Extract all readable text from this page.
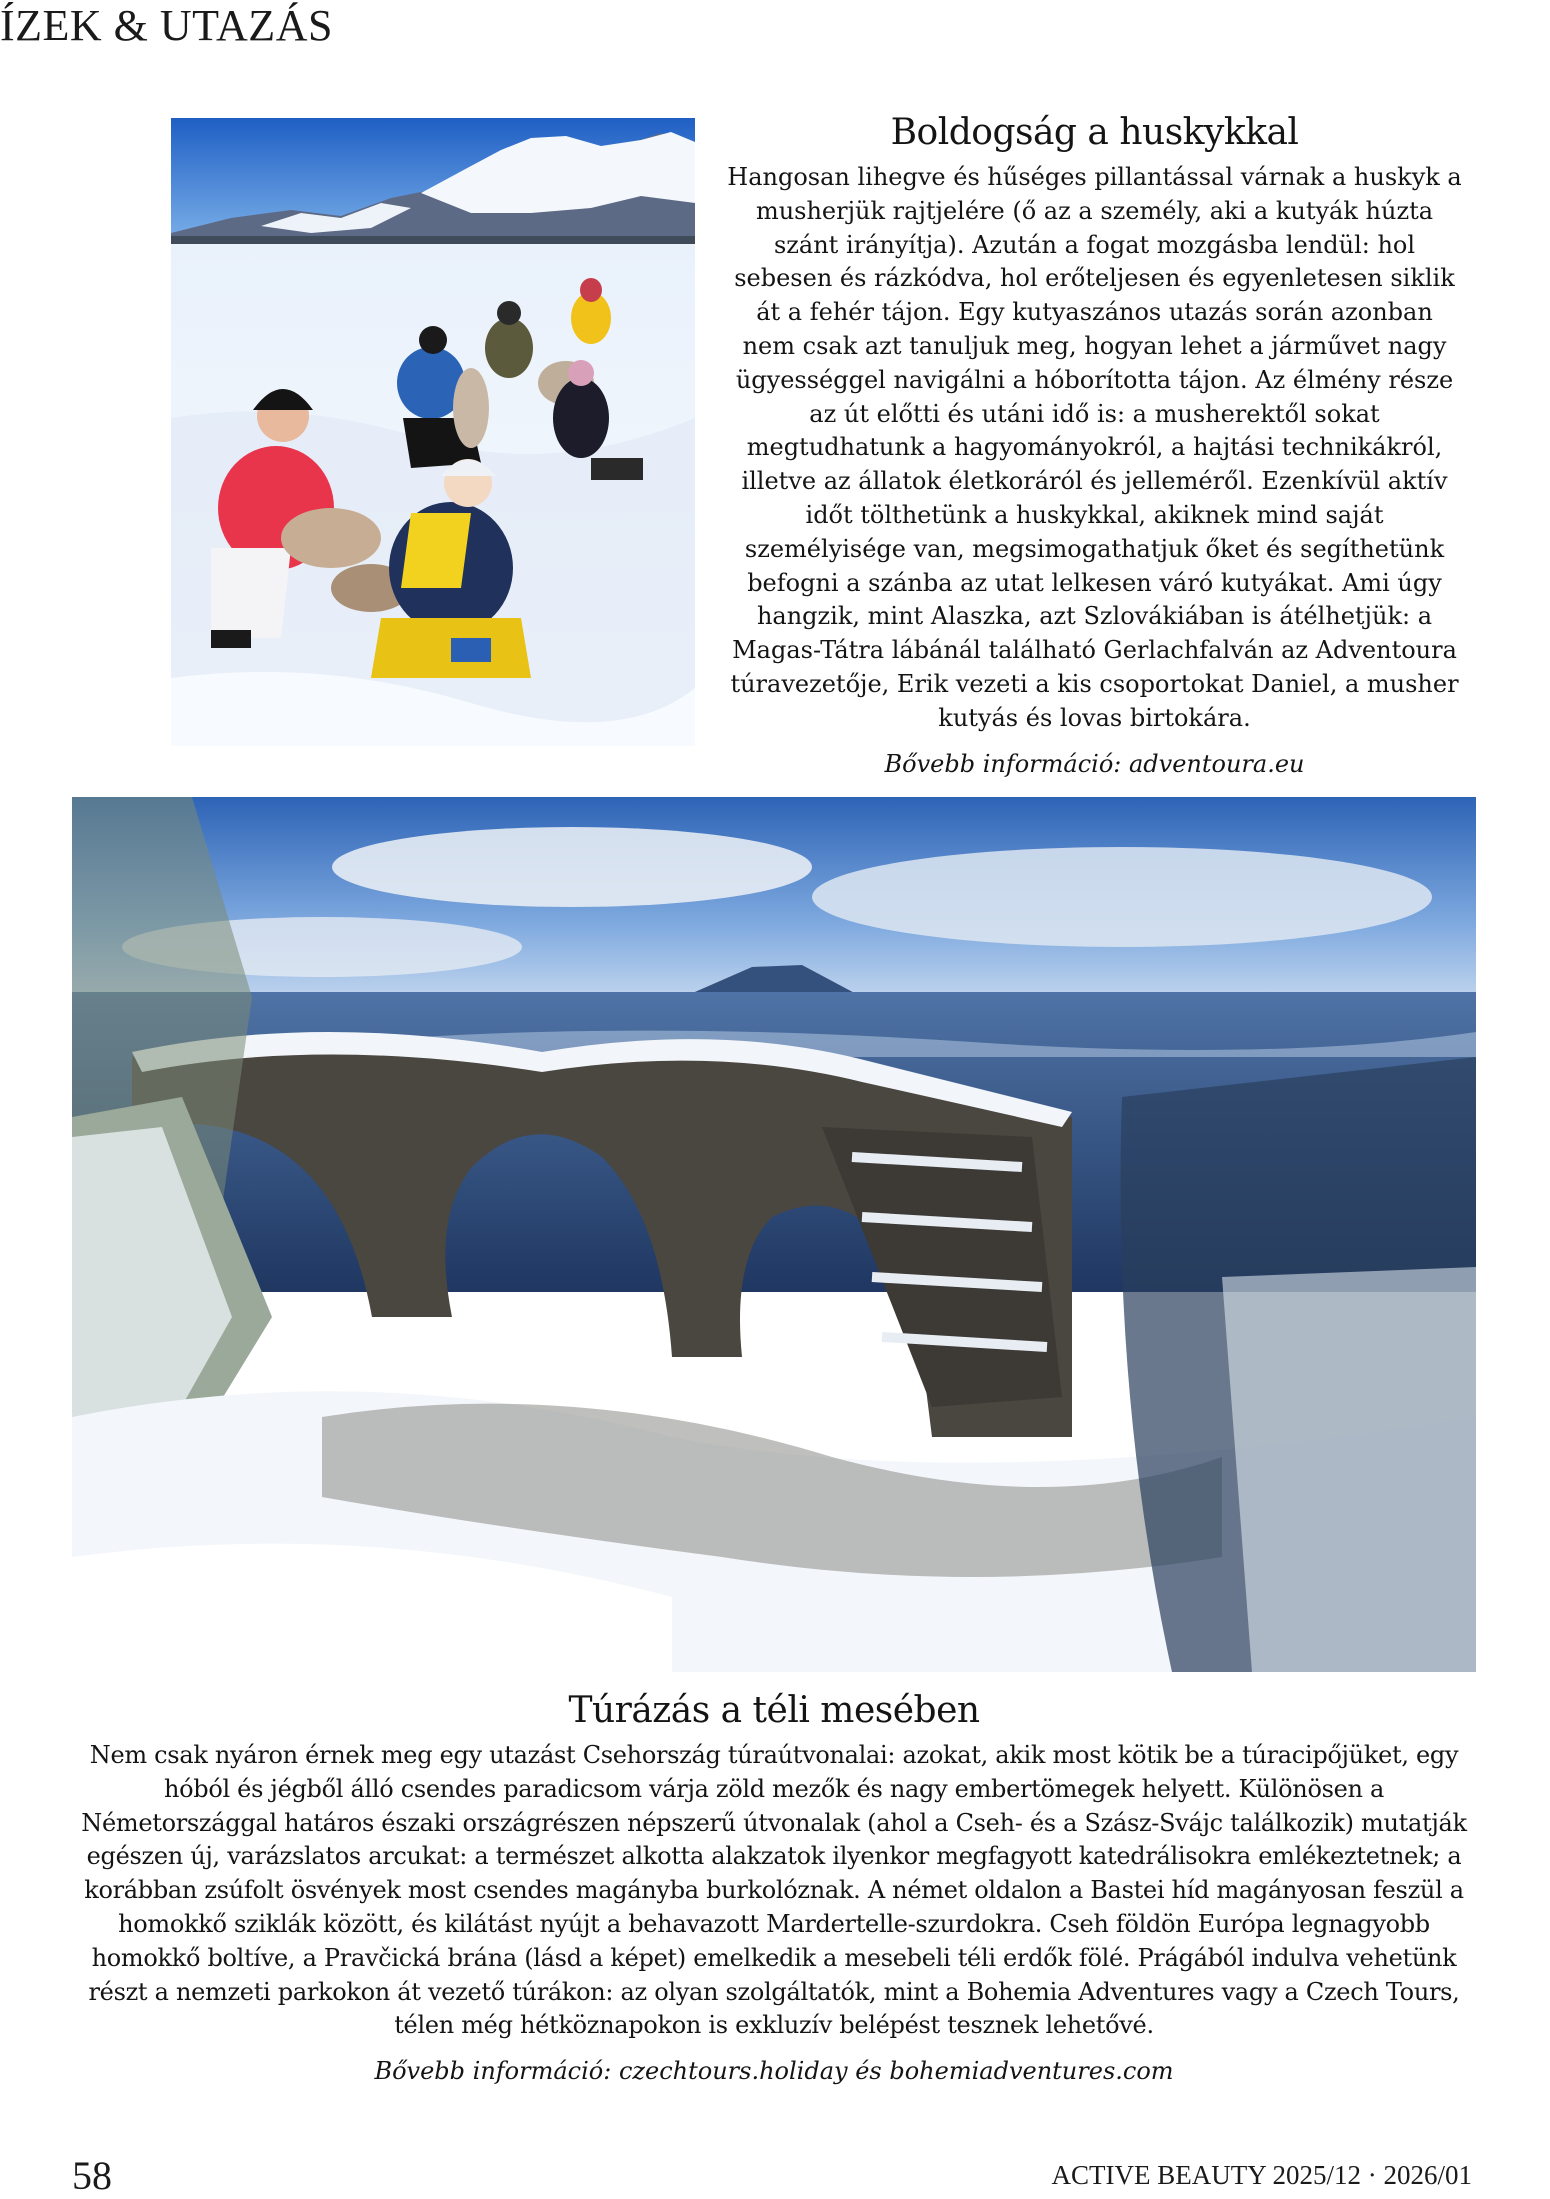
ÍZEK & UTAZÁS
Boldogság a huskykkal

Hangosan lihegve és hűséges pillantással várnak a huskyk a musherjük rajtjelére (ő az a személy, aki a kutyák húzta szánt irányítja). Azután a fogat mozgásba lendül: hol sebesen és rázkódva, hol erőteljesen és egyenletesen siklik át a fehér tájon. Egy kutyaszános utazás során azonban nem csak azt tanuljuk meg, hogyan lehet a járművet nagy ügyességgel navigálni a hóborította tájon. Az élmény része az út előtti és utáni idő is: a musherektől sokat megtudhatunk a hagyományokról, a hajtási technikákról, illetve az állatok életkoráról és jelleméről. Ezenkívül aktív időt tölthetünk a huskykkal, akiknek mind saját személyisége van, megsimogathatjuk őket és segíthetünk befogni a szánba az utat lelkesen váró kutyákat. Ami úgy hangzik, mint Alaszka, azt Szlovákiában is átélhetjük: a Magas-Tátra lábánál található Gerlachfalván az Adventoura túravezetője, Erik vezeti a kis csoportokat Daniel, a musher kutyás és lovas birtokára.

Bővebb információ: adventoura.eu
Túrázás a téli mesében

Nem csak nyáron érnek meg egy utazást Csehország túraútvonalai: azokat, akik most kötik be a túracipőjüket, egy hóból és jégből álló csendes paradicsom várja zöld mezők és nagy embertömegek helyett. Különösen a Németországgal határos északi országrészen népszerű útvonalak (ahol a Cseh- és a Szász-Svájc találkozik) mutatják egészen új, varázslatos arcukat: a természet alkotta alakzatok ilyenkor megfagyott katedrálisokra emlékeztetnek; a korábban zsúfolt ösvények most csendes magányba burkolóznak. A német oldalon a Bastei híd magányosan feszül a homokkő sziklák között, és kilátást nyújt a behavazott Mardertelle-szurdokra. Cseh földön Európa legnagyobb homokkő boltíve, a Pravčická brána (lásd a képet) emelkedik a mesebeli téli erdők fölé. Prágából indulva vehetünk részt a nemzeti parkokon át vezető túrákon: az olyan szolgáltatók, mint a Bohemia Adventures vagy a Czech Tours, télen még hétköznapokon is exkluzív belépést tesznek lehetővé.

Bővebb információ: czechtours.holiday és bohemiadventures.com
58	ACTIVE BEAUTY 2025/12 · 2026/01
